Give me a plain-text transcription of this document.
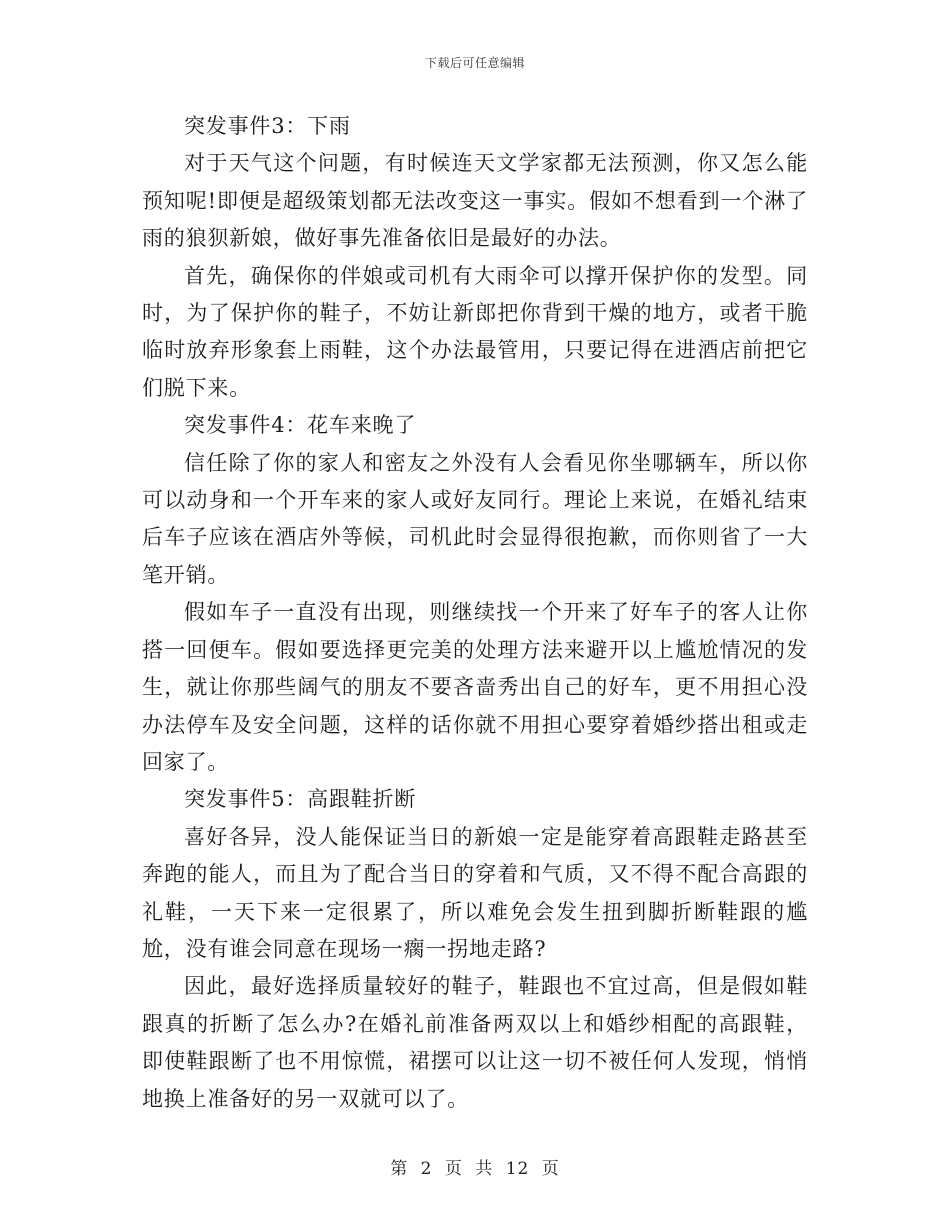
下载后可任意编辑

突发事件3：下雨

对于天气这个问题，有时候连天文学家都无法预测，你又怎么能预知呢!即便是超级策划都无法改变这一事实。假如不想看到一个淋了雨的狼狈新娘，做好事先准备依旧是最好的办法。

首先，确保你的伴娘或司机有大雨伞可以撑开保护你的发型。同时，为了保护你的鞋子，不妨让新郎把你背到干燥的地方，或者干脆临时放弃形象套上雨鞋，这个办法最管用，只要记得在进酒店前把它们脱下来。

突发事件4：花车来晚了

信任除了你的家人和密友之外没有人会看见你坐哪辆车，所以你可以动身和一个开车来的家人或好友同行。理论上来说，在婚礼结束后车子应该在酒店外等候，司机此时会显得很抱歉，而你则省了一大笔开销。

假如车子一直没有出现，则继续找一个开来了好车子的客人让你搭一回便车。假如要选择更完美的处理方法来避开以上尴尬情况的发生，就让你那些阔气的朋友不要吝啬秀出自己的好车，更不用担心没办法停车及安全问题，这样的话你就不用担心要穿着婚纱搭出租或走回家了。

突发事件5：高跟鞋折断

喜好各异，没人能保证当日的新娘一定是能穿着高跟鞋走路甚至奔跑的能人，而且为了配合当日的穿着和气质，又不得不配合高跟的礼鞋，一天下来一定很累了，所以难免会发生扭到脚折断鞋跟的尴尬，没有谁会同意在现场一瘸一拐地走路?

因此，最好选择质量较好的鞋子，鞋跟也不宜过高，但是假如鞋跟真的折断了怎么办?在婚礼前准备两双以上和婚纱相配的高跟鞋，即使鞋跟断了也不用惊慌，裙摆可以让这一切不被任何人发现，悄悄地换上准备好的另一双就可以了。

第 2 页 共 12 页
